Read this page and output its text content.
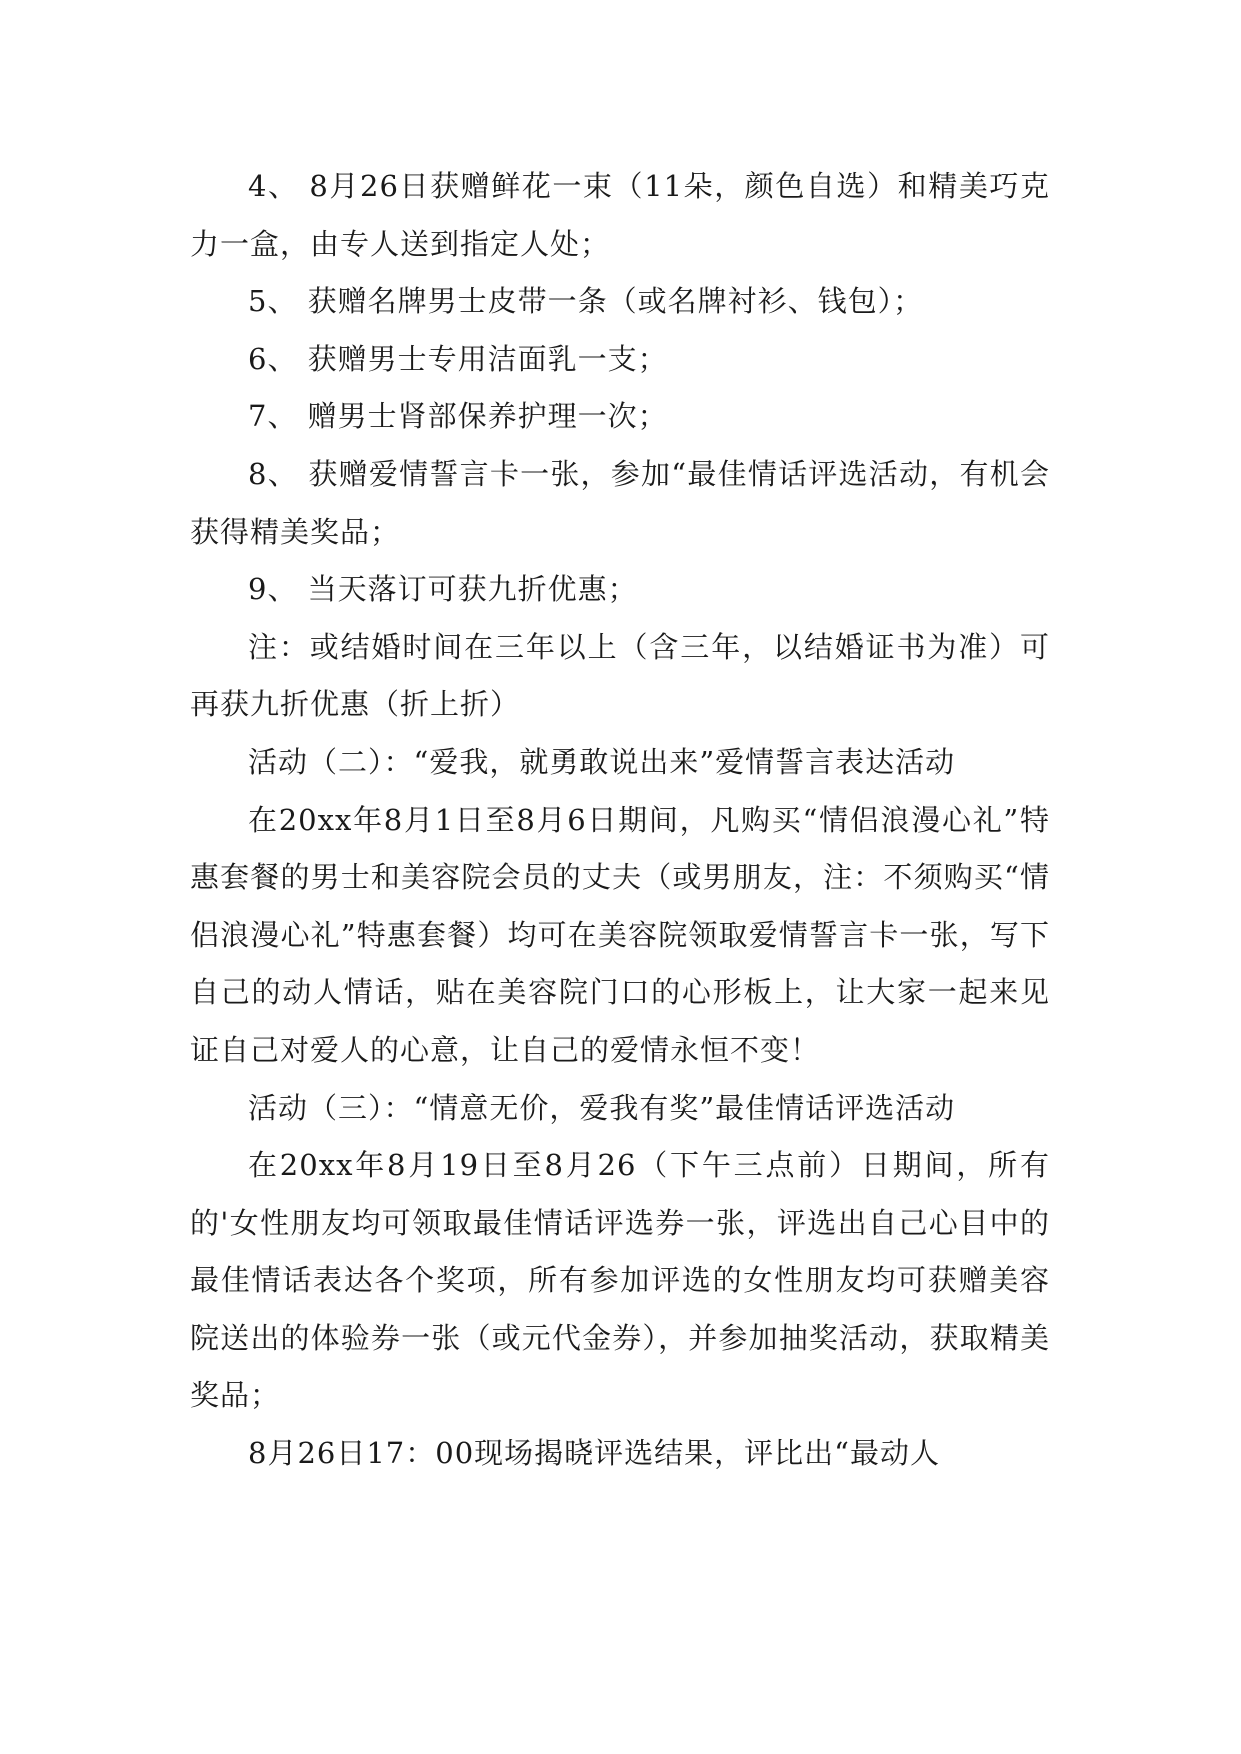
4、 8月26日获赠鲜花一束（11朵，颜色自选）和精美巧克力一盒，由专人送到指定人处；

5、 获赠名牌男士皮带一条（或名牌衬衫、钱包）；

6、 获赠男士专用洁面乳一支；

7、 赠男士肾部保养护理一次；

8、 获赠爱情誓言卡一张，参加“最佳情话评选活动，有机会获得精美奖品；

9、 当天落订可获九折优惠；

注：或结婚时间在三年以上（含三年，以结婚证书为准）可再获九折优惠（折上折）

活动（二）：“爱我，就勇敢说出来”爱情誓言表达活动

在20xx年8月1日至8月6日期间，凡购买“情侣浪漫心礼”特惠套餐的男士和美容院会员的丈夫（或男朋友，注：不须购买“情侣浪漫心礼”特惠套餐）均可在美容院领取爱情誓言卡一张，写下自己的动人情话，贴在美容院门口的心形板上，让大家一起来见证自己对爱人的心意，让自己的爱情永恒不变！

活动（三）：“情意无价，爱我有奖”最佳情话评选活动

在20xx年8月19日至8月26（下午三点前）日期间，所有的'女性朋友均可领取最佳情话评选券一张，评选出自己心目中的最佳情话表达各个奖项，所有参加评选的女性朋友均可获赠美容院送出的体验券一张（或元代金券），并参加抽奖活动，获取精美奖品；

8月26日17：00现场揭晓评选结果，评比出“最动人
